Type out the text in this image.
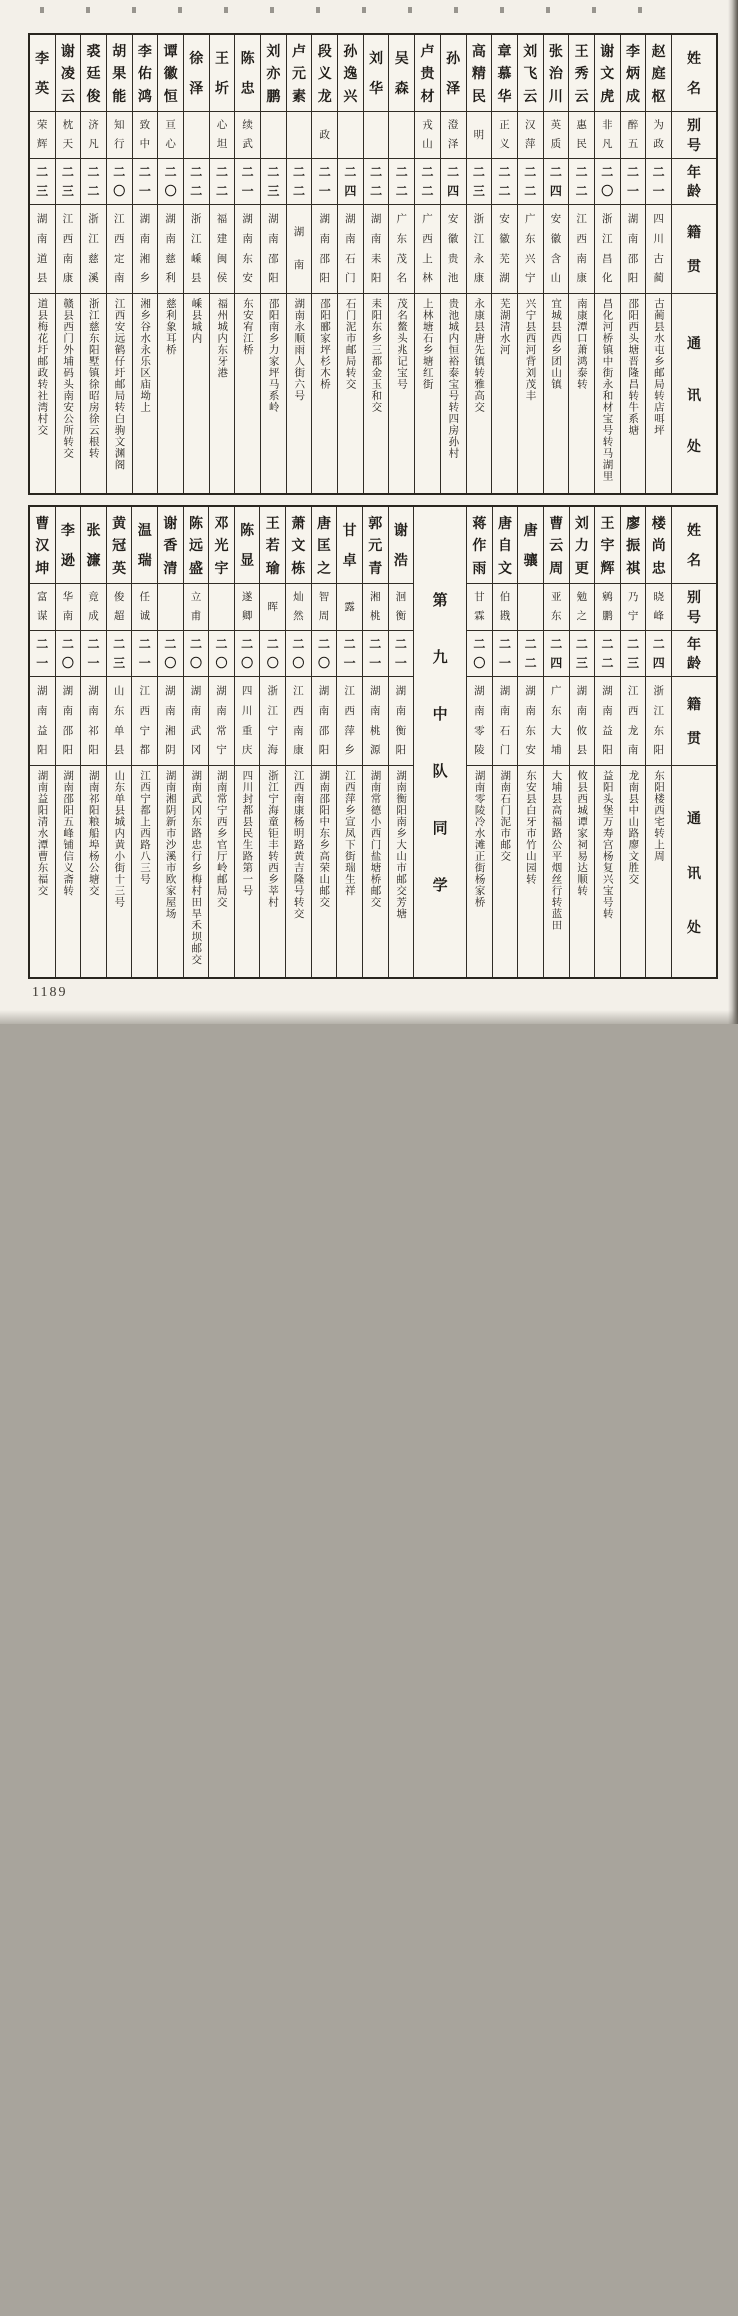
姓
名
别
号
年
龄
籍
贯
通
讯
处
赵
庭
枢
为
政
二
一
四
川
古
蔺
古蔺县水屯乡邮局转店咡坪
李
炳
成
醉
五
二
一
湖
南
邵
阳
邵阳西头塘晋隆昌转牛系塘
谢
文
虎
非
凡
二
〇
浙
江
昌
化
昌化河桥镇中街永和材宝号转马湖里
王
秀
云
惠
民
二
二
江
西
南
康
南康潭口萧鸿泰转
张
治
川
英
质
二
四
安
徽
含
山
宜城县西乡团山镇
刘
飞
云
汉
萍
二
二
广
东
兴
宁
兴宁县西河背刘茂丰
章
慕
华
正
义
二
二
安
徽
芜
湖
芜湖清水河
高
精
民
明
二
三
浙
江
永
康
永康县唐先镇转雅高交
孙
泽
澄
泽
二
四
安
徽
贵
池
贵池城内恒裕泰宝号转四房孙村
卢
贵
材
戎
山
二
二
广
西
上
林
上林塘石乡塘红街
吴
森
二
二
广
东
茂
名
茂名鳌头兆记宝号
刘
华
二
二
湖
南
耒
阳
耒阳东乡三都金玉和交
孙
逸
兴
二
四
湖
南
石
门
石门泥市邮局转交
段
义
龙
政
二
一
湖
南
邵
阳
邵阳郦家坪杉木桥
卢
元
素
二
二
湖
南
湖南永顺雨人街六号
刘
亦
鹏
二
三
湖
南
邵
阳
邵阳南乡力家坪马系岭
陈
忠
续
武
二
一
湖
南
东
安
东安宥江桥
王
圻
心
坦
二
二
福
建
闽
侯
福州城内东牙港
徐
泽
二
二
浙
江
嵊
县
嵊县城内
谭
徽
恒
亘
心
二
〇
湖
南
慈
利
慈利象耳桥
李
佑
鸿
致
中
二
一
湖
南
湘
乡
湘乡谷水永乐区庙坳上
胡
果
能
知
行
二
〇
江
西
定
南
江西安远鹤仔圩邮局转白驹文渊阁
裘
廷
俊
济
凡
二
二
浙
江
慈
溪
浙江慈东阳墅镇徐昭房徐云根转
谢
凌
云
枕
天
二
三
江
西
南
康
赣县西门外埔码头南安公所转交
李
英
荣
辉
二
三
湖
南
道
县
道县梅花圩邮政转社湾村交
姓
名
别
号
年
龄
籍
贯
通
讯
处
楼
尚
忠
晓
峰
二
四
浙
江
东
阳
东阳楼西宅转上周
廖
振
祺
乃
宁
二
三
江
西
龙
南
龙南县中山路廖文胜交
王
宇
辉
鹓
鹏
二
二
湖
南
益
阳
益阳头堡万寿宫杨复兴宝号转
刘
力
更
勉
之
二
三
湖
南
攸
县
攸县西城谭家祠易达顺转
曹
云
周
亚
东
二
四
广
东
大
埔
大埔县高福路公平烟丝行转蓝田
唐
骧
二
二
湖
南
东
安
东安县白牙市竹山园转
唐
自
文
伯
戡
二
一
湖
南
石
门
湖南石门泥市邮交
蒋
作
雨
甘
霖
二
〇
湖
南
零
陵
湖南零陵冷水滩正街杨家桥
第
九
中
队
同
学
谢
浩
洄
衡
二
一
湖
南
衡
阳
湖南衡阳南乡大山市邮交芳塘
郭
元
青
湘
桃
二
一
湖
南
桃
源
湖南常德小西门盐塘桥邮交
甘
卓
露
二
一
江
西
萍
乡
江西萍乡宣凤下街瑞生祥
唐
匡
之
智
周
二
〇
湖
南
邵
阳
湖南邵阳中东乡高荣山邮交
萧
文
栋
灿
然
二
〇
江
西
南
康
江西南康杨明路黄吉隆号转交
王
若
瑜
晖
二
〇
浙
江
宁
海
浙江宁海童钜丰转西乡莘村
陈
显
遂
卿
二
〇
四
川
重
庆
四川封都县民生路第一号
邓
光
宇
二
〇
湖
南
常
宁
湖南常宁西乡官厅岭邮局交
陈
远
盛
立
甫
二
〇
湖
南
武
冈
湖南武冈东路忠行乡梅村田旱禾坝邮交
谢
香
清
二
〇
湖
南
湘
阴
湖南湘阴新市沙溪市欧家屋场
温
瑞
任
诚
二
一
江
西
宁
都
江西宁都上西路八三号
黄
冠
英
俊
超
二
三
山
东
单
县
山东单县城内黄小街十三号
张
濂
竟
成
二
一
湖
南
祁
阳
湖南祁阳粮船埠杨公塘交
李
逊
华
南
二
〇
湖
南
邵
阳
湖南邵阳五峰铺信义斋转
曹
汉
坤
富
谋
二
一
湖
南
益
阳
湖南益阳清水潭曹东福交
1189
